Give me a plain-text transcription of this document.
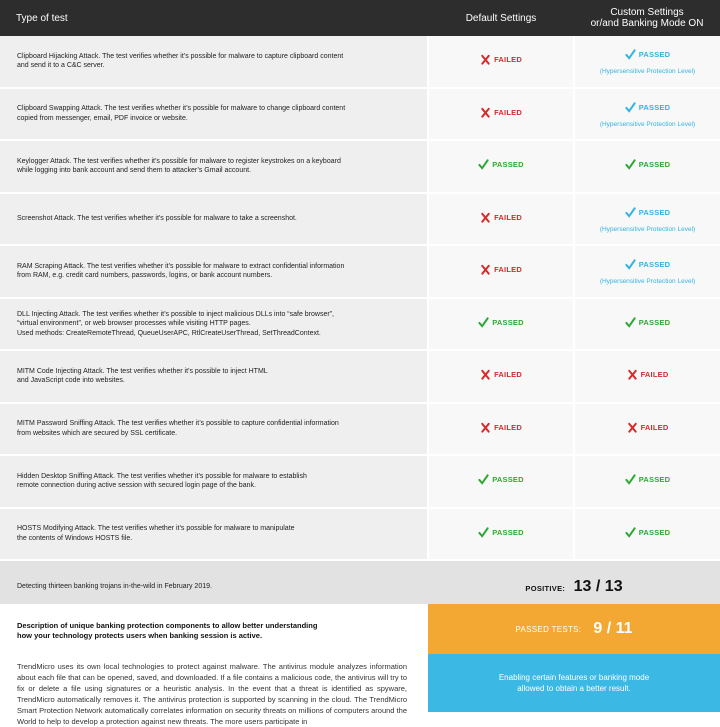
Type of test	Default Settings	Custom Settings
or/and Banking Mode ON

Clipboard Hijacking Attack. The test verifies whether it’s possible for malware to capture clipboard content
and send it to a C&C server.	FAILED	PASSED
(Hypersensitive Protection Level)

Clipboard Swapping Attack. The test verifies whether it’s possible for malware to change clipboard content
copied from messenger, email, PDF invoice or website.	FAILED	PASSED
(Hypersensitive Protection Level)

Keylogger Attack. The test verifies whether it’s possible for malware to register keystrokes on a keyboard
while logging into bank account and send them to attacker’s Gmail account.	PASSED	PASSED

Screenshot Attack. The test verifies whether it’s possible for malware to take a screenshot.	FAILED	PASSED
(Hypersensitive Protection Level)

RAM Scraping Attack. The test verifies whether it’s possible for malware to extract confidential information
from RAM, e.g. credit card numbers, passwords, logins, or bank account numbers.	FAILED	PASSED
(Hypersensitive Protection Level)

DLL Injecting Attack. The test verifies whether it’s possible to inject malicious DLLs into “safe browser”,
“virtual environment”, or web browser processes while visiting HTTP pages.
Used methods: CreateRemoteThread, QueueUserAPC, RtlCreateUserThread, SetThreadContext.	PASSED	PASSED

MITM Code Injecting Attack. The test verifies whether it’s possible to inject HTML
and JavaScript code into websites.	FAILED	FAILED

MITM Password Sniffing Attack. The test verifies whether it’s possible to capture confidential information
from websites which are secured by SSL certificate.	FAILED	FAILED

Hidden Desktop Sniffing Attack. The test verifies whether it’s possible for malware to establish
remote connection during active session with secured login page of the bank.	PASSED	PASSED

HOSTS Modifying Attack. The test verifies whether it’s possible for malware to manipulate
the contents of Windows HOSTS file.	PASSED	PASSED

Detecting thirteen banking trojans in-the-wild in February 2019.	POSITIVE: 13 / 13	
Description of unique banking protection components to allow better understanding
how your technology protects users when banking session is active.
TrendMicro uses its own local technologies to protect against malware. The antivirus module analyzes information about each file that can be opened, saved, and downloaded. If a file contains a malicious code, the antivirus will try to fix or delete a file using signatures or a heuristic analysis. In the event that a threat is identified as spyware, TrendMicro automatically removes it. The antivirus protection is supported by scanning in the cloud. The TrendMicro Smart Protection Network automatically correlates information on security threats on millions of computers around the World to help to develop a protection against new threats. The more users participate in
PASSED TESTS: 9 / 11
Enabling certain features or banking mode
allowed to obtain a better result.
